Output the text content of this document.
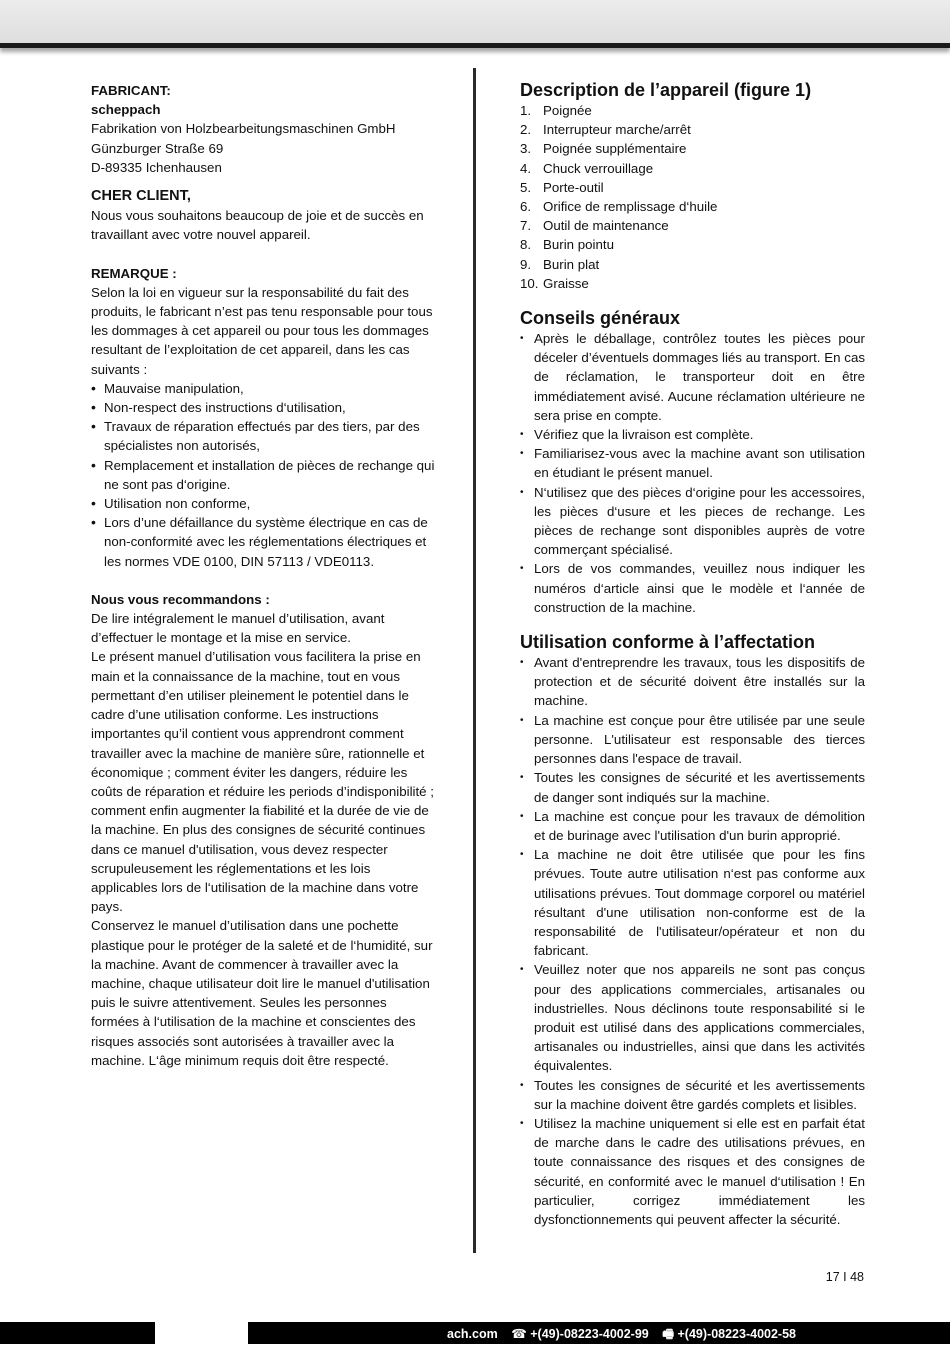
FABRICANT:
scheppach
Fabrikation von Holzbearbeitungsmaschinen GmbH
Günzburger Straße 69
D-89335 Ichenhausen
CHER CLIENT,

Nous vous souhaitons beaucoup de joie et de succès en travaillant avec votre nouvel appareil.

REMARQUE :

Selon la loi en vigueur sur la responsabilité du fait des produits, le fabricant n’est pas tenu responsable pour tous les dommages à cet appareil ou pour tous les dommages resultant de l’exploitation de cet appareil, dans les cas suivants :

• Mauvaise manipulation,
• Non-respect des instructions d‘utilisation,
• Travaux de réparation effectués par des tiers, par des spécialistes non autorisés,
• Remplacement et installation de pièces de rechange qui ne sont pas d‘origine.
• Utilisation non conforme,
• Lors d’une défaillance du système électrique en cas de non-conformité avec les réglementations électriques et les normes VDE 0100, DIN 57113 / VDE0113.
Nous vous recommandons :

De lire intégralement le manuel d’utilisation, avant d’effectuer le montage et la mise en service.

Le présent manuel d’utilisation vous facilitera la prise en main et la connaissance de la machine, tout en vous permettant d’en utiliser pleinement le potentiel dans le cadre d’une utilisation conforme. Les instructions importantes qu’il contient vous apprendront comment travailler avec la machine de manière sûre, rationnelle et économique ; comment éviter les dangers, réduire les coûts de réparation et réduire les periods d’indisponibilité ; comment enfin augmenter la fiabilité et la durée de vie de la machine. En plus des consignes de sécurité continues dans ce manuel d'utilisation, vous devez respecter scrupuleusement les réglementations et les lois applicables lors de l‘utilisation de la machine dans votre pays.

Conservez le manuel d’utilisation dans une pochette plastique pour le protéger de la saleté et de l‘humidité, sur la machine. Avant de commencer à travailler avec la machine, chaque utilisateur doit lire le manuel d'utilisation puis le suivre attentivement. Seules les personnes formées à l‘utilisation de la machine et conscientes des risques associés sont autorisées à travailler avec la machine. L‘âge minimum requis doit être respecté.

Description de l’appareil (figure 1)
1. Poignée
2. Interrupteur marche/arrêt
3. Poignée supplémentaire
4. Chuck verrouillage
5. Porte-outil
6. Orifice de remplissage d‘huile
7. Outil de maintenance
8. Burin pointu
9. Burin plat
10. Graisse
Conseils généraux
• Après le déballage, contrôlez toutes les pièces pour déceler d’éventuels dommages liés au transport. En cas de réclamation, le transporteur doit en être immédiatement avisé. Aucune réclamation ultérieure ne sera prise en compte.
• Vérifiez que la livraison est complète.
• Familiarisez-vous avec la machine avant son utilisation en étudiant le présent manuel.
• N‘utilisez que des pièces d‘origine pour les accessoires, les pièces d‘usure et les pieces de rechange. Les pièces de rechange sont disponibles auprès de votre commerçant spécialisé.
• Lors de vos commandes, veuillez nous indiquer les numéros d‘article ainsi que le modèle et l‘année de construction de la machine.
Utilisation conforme à l’affectation
• Avant d'entreprendre les travaux, tous les dispositifs de protection et de sécurité doivent être installés sur la machine.
• La machine est conçue pour être utilisée par une seule personne. L'utilisateur est responsable des tierces personnes dans l'espace de travail.
• Toutes les consignes de sécurité et les avertissements de danger sont indiqués sur la machine.
• La machine est conçue pour les travaux de démolition et de burinage avec l'utilisation d'un burin approprié.
• La machine ne doit être utilisée que pour les fins prévues. Toute autre utilisation n‘est pas conforme aux utilisations prévues. Tout dommage corporel ou matériel résultant d'une utilisation non-conforme est de la responsabilité de l'utilisateur/opérateur et non du fabricant.
• Veuillez noter que nos appareils ne sont pas conçus pour des applications commerciales, artisanales ou industrielles. Nous déclinons toute responsabilité si le produit est utilisé dans des applications commerciales, artisanales ou industrielles, ainsi que dans les activités équivalentes.
• Toutes les consignes de sécurité et les avertissements sur la machine doivent être gardés complets et lisibles.
• Utilisez la machine uniquement si elle est en parfait état de marche dans le cadre des utilisations prévues, en toute connaissance des risques et des consignes de sécurité, en conformité avec le manuel d‘utilisation ! En particulier, corrigez immédiatement les dysfonctionnements qui peuvent affecter la sécurité.
17 I 48
ach.com ☎ +(49)-08223-4002-99 🖷 +(49)-08223-4002-58
